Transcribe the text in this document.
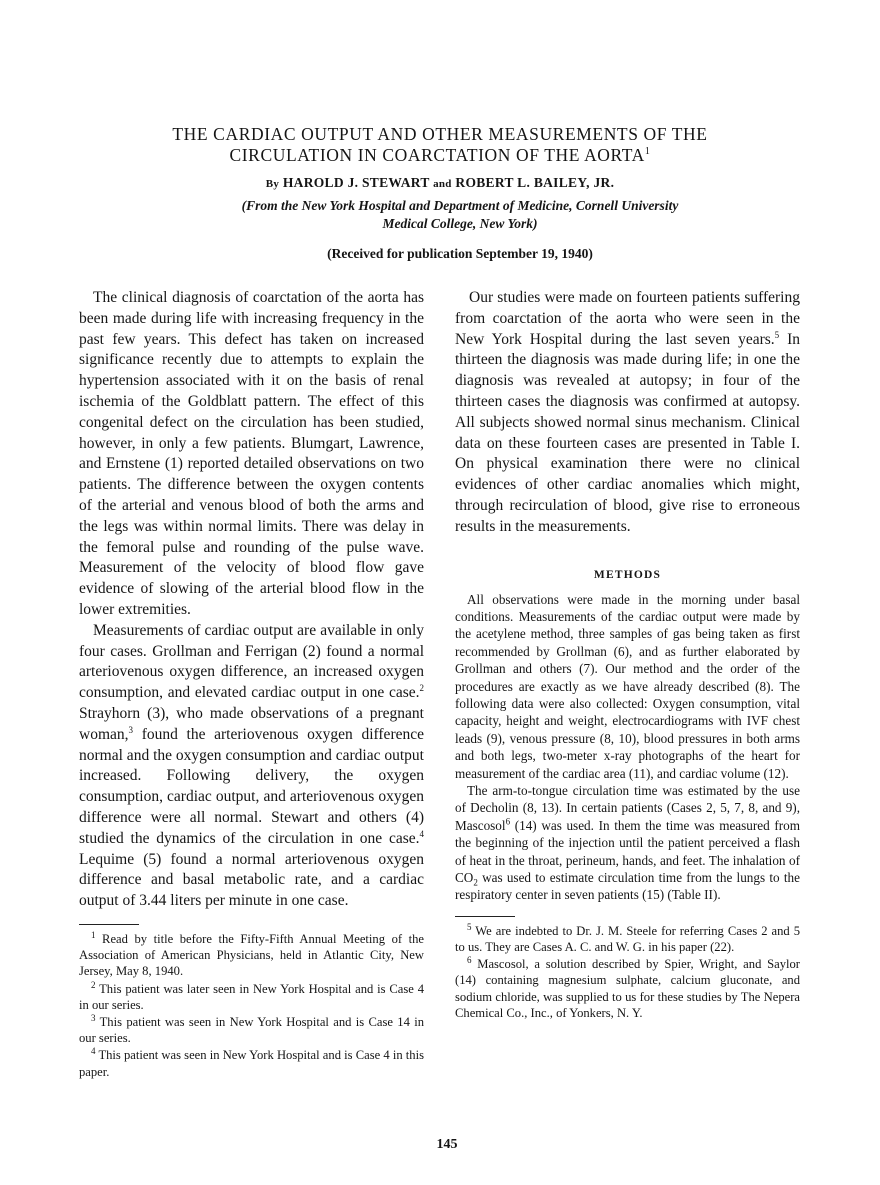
THE CARDIAC OUTPUT AND OTHER MEASUREMENTS OF THE
CIRCULATION IN COARCTATION OF THE AORTA$^1$

By HAROLD J. STEWART and ROBERT L. BAILEY, JR.

(From the New York Hospital and Department of Medicine, Cornell University
Medical College, New York)

(Received for publication September 19, 1940)

The clinical diagnosis of coarctation of the aorta has been made during life with increasing frequency in the past few years. This defect has taken on increased significance recently due to attempts to explain the hypertension associated with it on the basis of renal ischemia of the Goldblatt pattern. The effect of this congenital defect on the circulation has been studied, however, in only a few patients. Blumgart, Lawrence, and Ernstene (1) reported detailed observations on two patients. The difference between the oxygen contents of the arterial and venous blood of both the arms and the legs was within normal limits. There was delay in the femoral pulse and rounding of the pulse wave. Measurement of the velocity of blood flow gave evidence of slowing of the arterial blood flow in the lower extremities.

Measurements of cardiac output are available in only four cases. Grollman and Ferrigan (2) found a normal arteriovenous oxygen difference, an increased oxygen consumption, and elevated cardiac output in one case.$^2$ Strayhorn (3), who made observations of a pregnant woman,$^3$ found the arteriovenous oxygen difference normal and the oxygen consumption and cardiac output increased. Following delivery, the oxygen consumption, cardiac output, and arteriovenous oxygen difference were all normal. Stewart and others (4) studied the dynamics of the circulation in one case.$^4$ Lequime (5) found a normal arteriovenous oxygen difference and basal metabolic rate, and a cardiac output of 3.44 liters per minute in one case.

$^1$ Read by title before the Fifty-Fifth Annual Meeting of the Association of American Physicians, held in Atlantic City, New Jersey, May 8, 1940.

$^2$ This patient was later seen in New York Hospital and is Case 4 in our series.

$^3$ This patient was seen in New York Hospital and is Case 14 in our series.

$^4$ This patient was seen in New York Hospital and is Case 4 in this paper.

Our studies were made on fourteen patients suffering from coarctation of the aorta who were seen in the New York Hospital during the last seven years.$^5$ In thirteen the diagnosis was made during life; in one the diagnosis was revealed at autopsy; in four of the thirteen cases the diagnosis was confirmed at autopsy. All subjects showed normal sinus mechanism. Clinical data on these fourteen cases are presented in Table I. On physical examination there were no clinical evidences of other cardiac anomalies which might, through recirculation of blood, give rise to erroneous results in the measurements.

METHODS

All observations were made in the morning under basal conditions. Measurements of the cardiac output were made by the acetylene method, three samples of gas being taken as first recommended by Grollman (6), and as further elaborated by Grollman and others (7). Our method and the order of the procedures are exactly as we have already described (8). The following data were also collected: Oxygen consumption, vital capacity, height and weight, electrocardiograms with IVF chest leads (9), venous pressure (8, 10), blood pressures in both arms and both legs, two-meter x-ray photographs of the heart for measurement of the cardiac area (11), and cardiac volume (12).

The arm-to-tongue circulation time was estimated by the use of Decholin (8, 13). In certain patients (Cases 2, 5, 7, 8, and 9), Mascosol$^6$ (14) was used. In them the time was measured from the beginning of the injection until the patient perceived a flash of heat in the throat, perineum, hands, and feet. The inhalation of $CO_2$ was used to estimate circulation time from the lungs to the respiratory center in seven patients (15) (Table II).

$^5$ We are indebted to Dr. J. M. Steele for referring Cases 2 and 5 to us. They are Cases A. C. and W. G. in his paper (22).

$^6$ Mascosol, a solution described by Spier, Wright, and Saylor (14) containing magnesium sulphate, calcium gluconate, and sodium chloride, was supplied to us for these studies by The Nepera Chemical Co., Inc., of Yonkers, N. Y.

145
